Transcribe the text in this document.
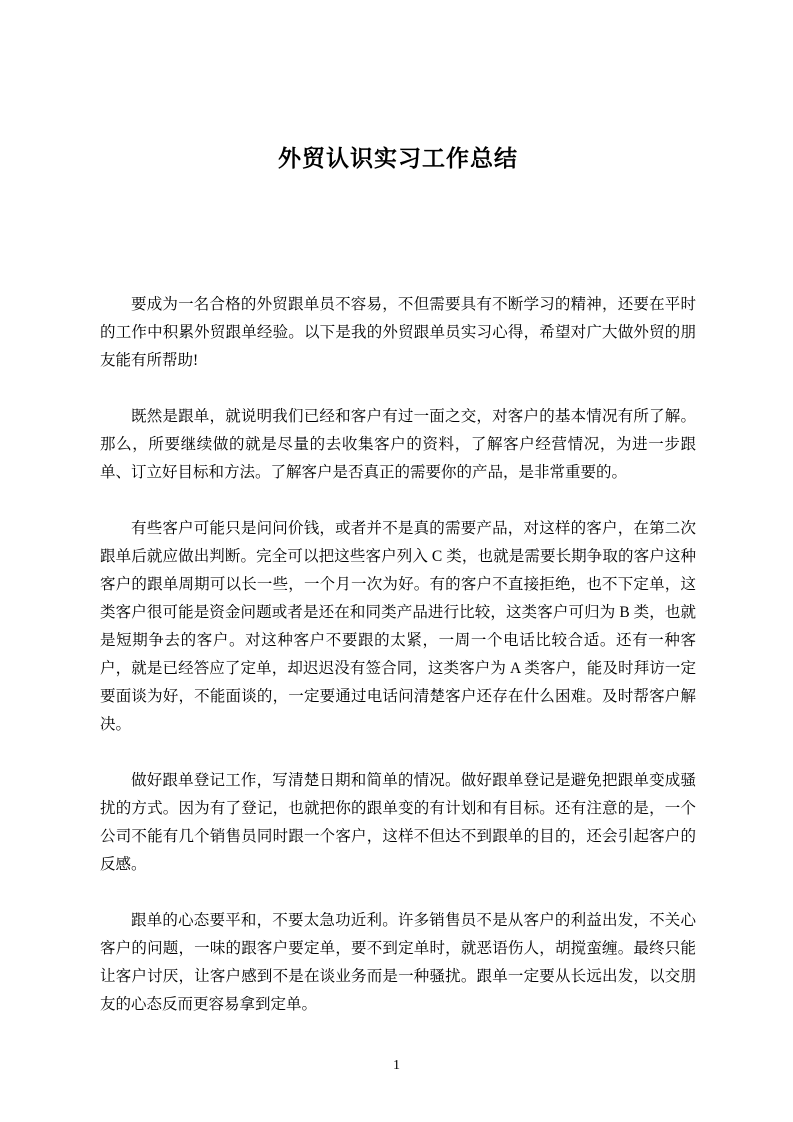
外贸认识实习工作总结

要成为一名合格的外贸跟单员不容易，不但需要具有不断学习的精神，还要在平时的工作中积累外贸跟单经验。以下是我的外贸跟单员实习心得，希望对广大做外贸的朋友能有所帮助!

既然是跟单，就说明我们已经和客户有过一面之交，对客户的基本情况有所了解。那么，所要继续做的就是尽量的去收集客户的资料，了解客户经营情况，为进一步跟单、订立好目标和方法。了解客户是否真正的需要你的产品，是非常重要的。

有些客户可能只是问问价钱，或者并不是真的需要产品，对这样的客户，在第二次跟单后就应做出判断。完全可以把这些客户列入 C 类，也就是需要长期争取的客户这种客户的跟单周期可以长一些，一个月一次为好。有的客户不直接拒绝，也不下定单，这类客户很可能是资金问题或者是还在和同类产品进行比较，这类客户可归为 B 类，也就是短期争去的客户。对这种客户不要跟的太紧，一周一个电话比较合适。还有一种客户，就是已经答应了定单，却迟迟没有签合同，这类客户为 A 类客户，能及时拜访一定要面谈为好，不能面谈的，一定要通过电话问清楚客户还存在什么困难。及时帮客户解决。

做好跟单登记工作，写清楚日期和简单的情况。做好跟单登记是避免把跟单变成骚扰的方式。因为有了登记，也就把你的跟单变的有计划和有目标。还有注意的是，一个公司不能有几个销售员同时跟一个客户，这样不但达不到跟单的目的，还会引起客户的反感。

跟单的心态要平和，不要太急功近利。许多销售员不是从客户的利益出发，不关心客户的问题，一味的跟客户要定单，要不到定单时，就恶语伤人，胡搅蛮缠。最终只能让客户讨厌，让客户感到不是在谈业务而是一种骚扰。跟单一定要从长远出发，以交朋友的心态反而更容易拿到定单。

1
